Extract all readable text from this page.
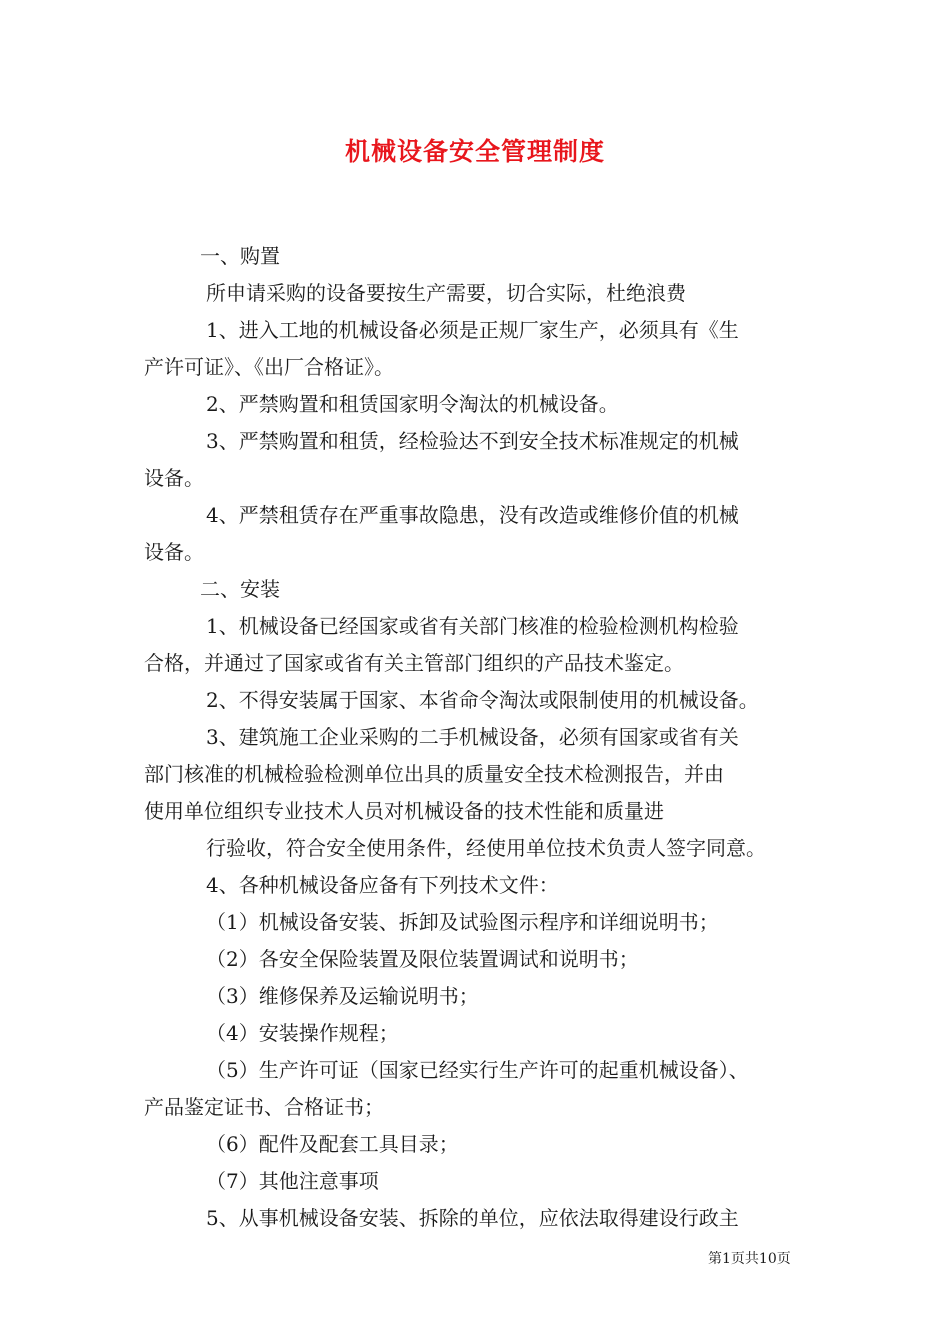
机械设备安全管理制度

一、购置

所申请采购的设备要按生产需要，切合实际，杜绝浪费

1、进入工地的机械设备必须是正规厂家生产，必须具有《生

产许可证》、《出厂合格证》。

2、严禁购置和租赁国家明令淘汰的机械设备。

3、严禁购置和租赁，经检验达不到安全技术标准规定的机械

设备。

4、严禁租赁存在严重事故隐患，没有改造或维修价值的机械

设备。

二、安装

1、机械设备已经国家或省有关部门核准的检验检测机构检验

合格，并通过了国家或省有关主管部门组织的产品技术鉴定。

2、不得安装属于国家、本省命令淘汰或限制使用的机械设备。

3、建筑施工企业采购的二手机械设备，必须有国家或省有关

部门核准的机械检验检测单位出具的质量安全技术检测报告，并由

使用单位组织专业技术人员对机械设备的技术性能和质量进

行验收，符合安全使用条件，经使用单位技术负责人签字同意。

4、各种机械设备应备有下列技术文件：

（1）机械设备安装、拆卸及试验图示程序和详细说明书；

（2）各安全保险装置及限位装置调试和说明书；

（3）维修保养及运输说明书；

（4）安装操作规程；

（5）生产许可证（国家已经实行生产许可的起重机械设备）、

产品鉴定证书、合格证书；

（6）配件及配套工具目录；

（7）其他注意事项

5、从事机械设备安装、拆除的单位，应依法取得建设行政主

第1页共10页
